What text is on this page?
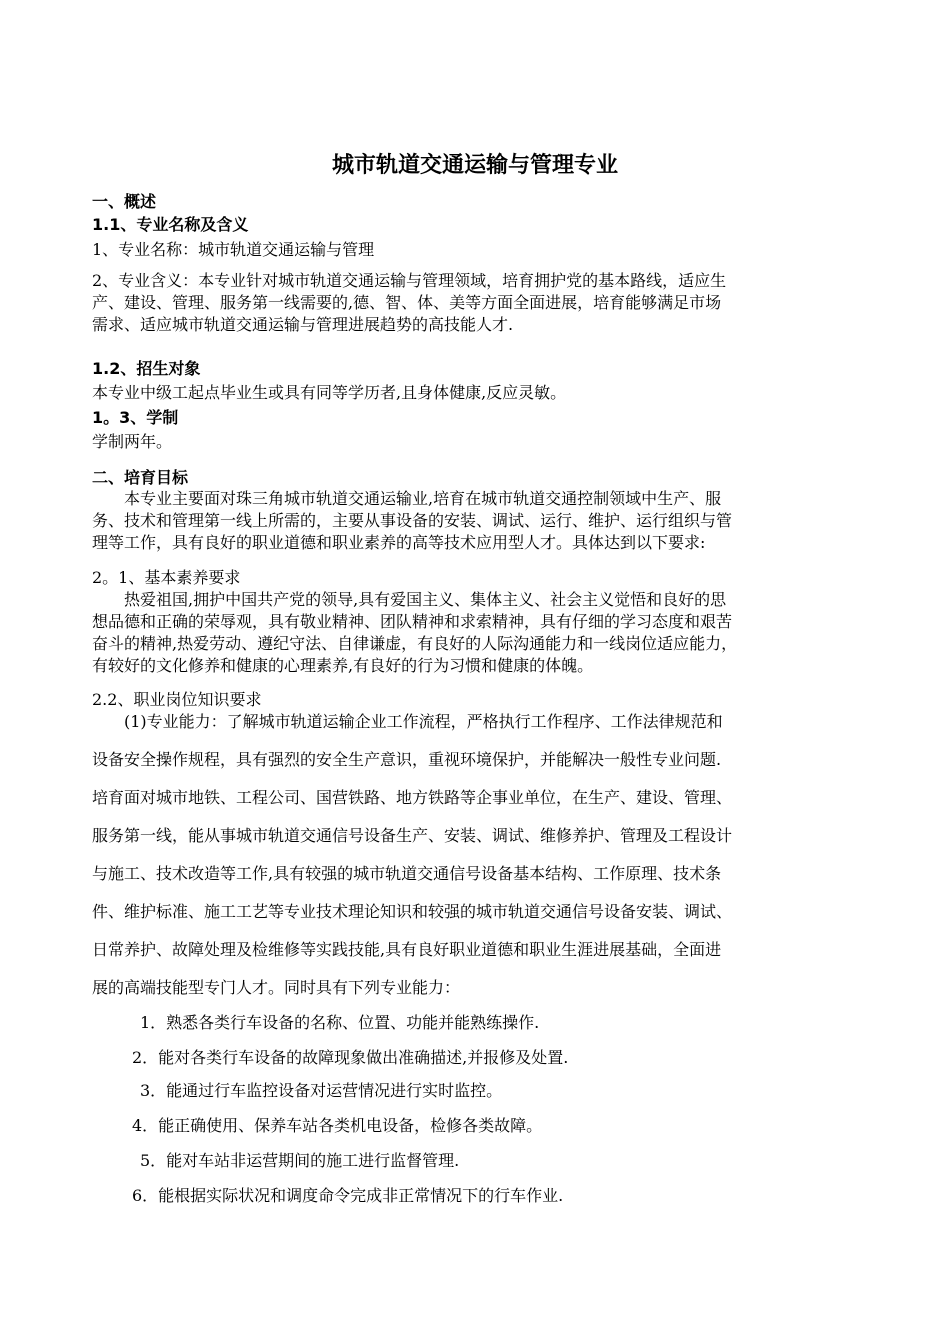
城市轨道交通运输与管理专业
一、概述
1.1、专业名称及含义
1、专业名称：城市轨道交通运输与管理
2、专业含义：本专业针对城市轨道交通运输与管理领域，培育拥护党的基本路线，适应生
产、建设、管理、服务第一线需要的,德、智、体、美等方面全面进展，培育能够满足市场
需求、适应城市轨道交通运输与管理进展趋势的高技能人才.
1.2、招生对象
本专业中级工起点毕业生或具有同等学历者,且身体健康,反应灵敏。
1。3、学制
学制两年。
二、培育目标
　　本专业主要面对珠三角城市轨道交通运输业,培育在城市轨道交通控制领域中生产、服
务、技术和管理第一线上所需的，主要从事设备的安装、调试、运行、维护、运行组织与管
理等工作，具有良好的职业道德和职业素养的高等技术应用型人才。具体达到以下要求:
2。1、基本素养要求
　　热爱祖国,拥护中国共产党的领导,具有爱国主义、集体主义、社会主义觉悟和良好的思
想品德和正确的荣辱观，具有敬业精神、团队精神和求索精神，具有仔细的学习态度和艰苦
奋斗的精神,热爱劳动、遵纪守法、自律谦虚，有良好的人际沟通能力和一线岗位适应能力，
有较好的文化修养和健康的心理素养,有良好的行为习惯和健康的体魄。
2.2、职业岗位知识要求
　　(1)专业能力：了解城市轨道运输企业工作流程，严格执行工作程序、工作法律规范和
设备安全操作规程，具有强烈的安全生产意识，重视环境保护，并能解决一般性专业问题.
培育面对城市地铁、工程公司、国营铁路、地方铁路等企事业单位，在生产、建设、管理、
服务第一线，能从事城市轨道交通信号设备生产、安装、调试、维修养护、管理及工程设计
与施工、技术改造等工作,具有较强的城市轨道交通信号设备基本结构、工作原理、技术条
件、维护标准、施工工艺等专业技术理论知识和较强的城市轨道交通信号设备安装、调试、
日常养护、故障处理及检维修等实践技能,具有良好职业道德和职业生涯进展基础，全面进
展的高端技能型专门人才。同时具有下列专业能力：
1．熟悉各类行车设备的名称、位置、功能并能熟练操作.
2．能对各类行车设备的故障现象做出准确描述,并报修及处置.
3．能通过行车监控设备对运营情况进行实时监控。
4．能正确使用、保养车站各类机电设备，检修各类故障。
5．能对车站非运营期间的施工进行监督管理.
6．能根据实际状况和调度命令完成非正常情况下的行车作业.
